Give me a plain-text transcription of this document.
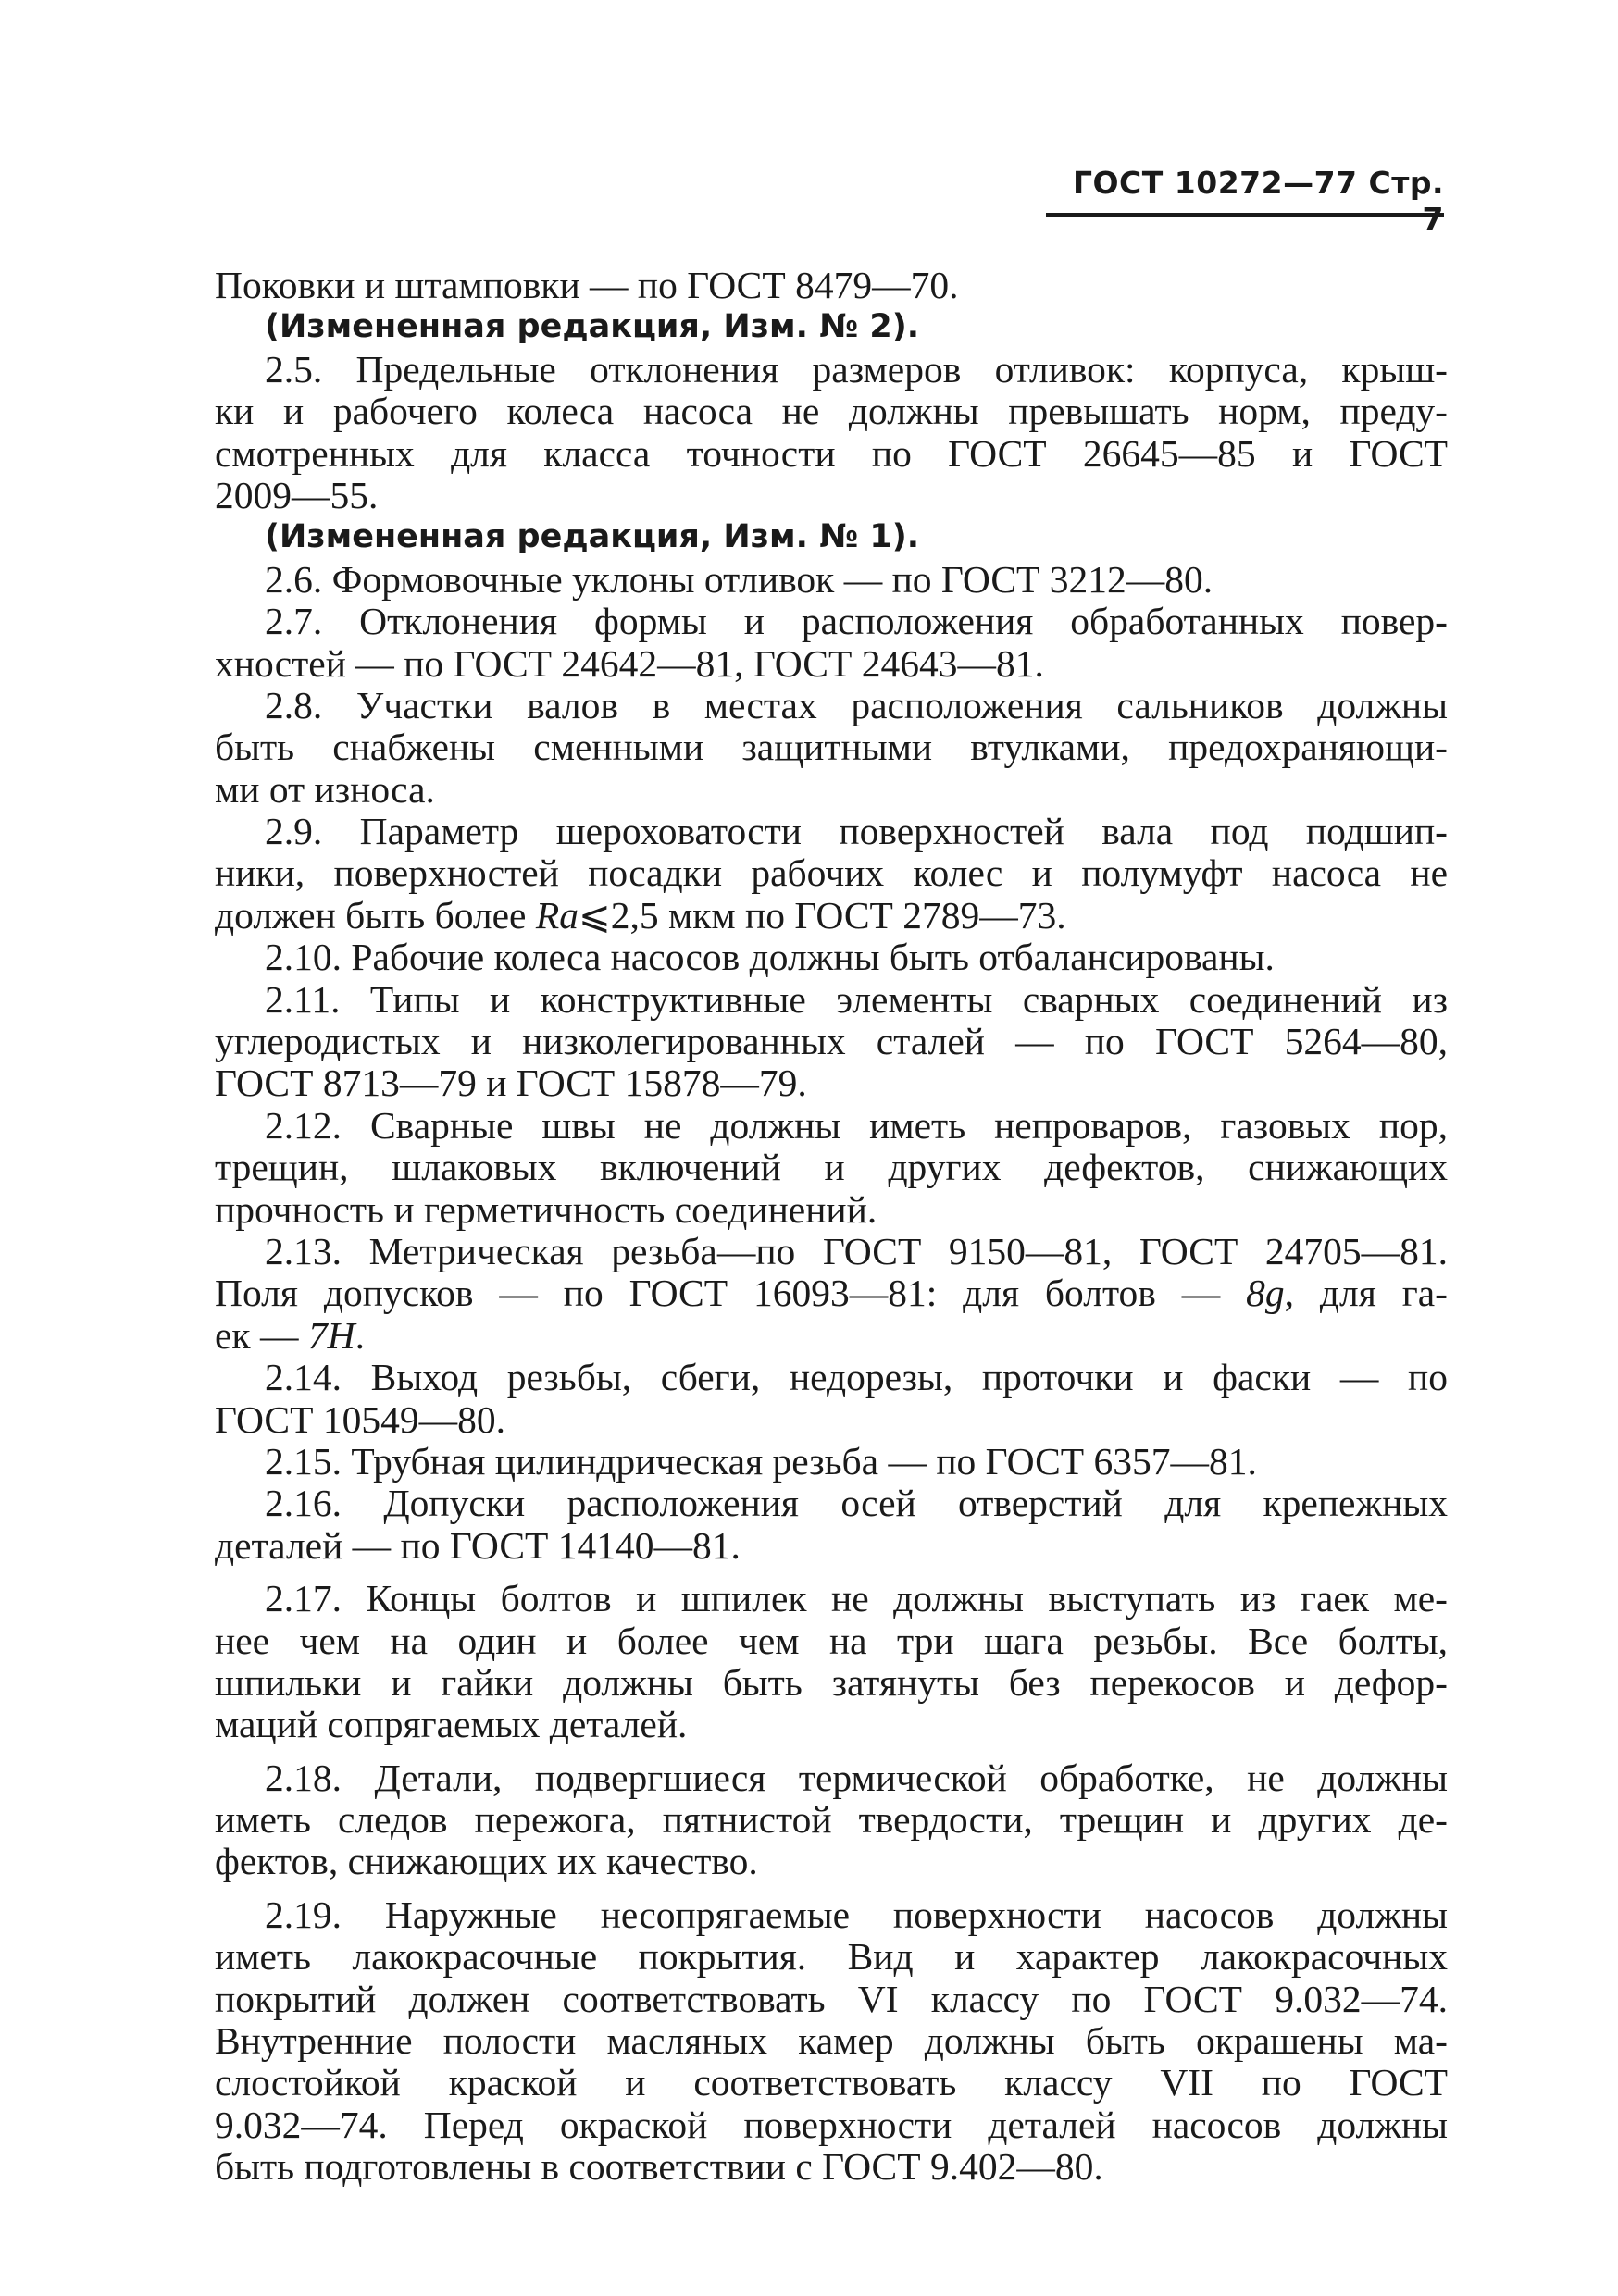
ГОСТ 10272—77 Стр. 7
Поковки и штамповки — по ГОСТ 8479—70.
(Измененная редакция, Изм. № 2).
2.5. Предельные отклонения размеров отливок: корпуса, крыш-
ки и рабочего колеса насоса не должны превышать норм, преду-
смотренных для класса точности по ГОСТ 26645—85 и ГОСТ
2009—55.
(Измененная редакция, Изм. № 1).
2.6. Формовочные уклоны отливок — по ГОСТ 3212—80.
2.7. Отклонения формы и расположения обработанных повер-
хностей — по ГОСТ 24642—81, ГОСТ 24643—81.
2.8. Участки валов в местах расположения сальников должны
быть снабжены сменными защитными втулками, предохраняющи-
ми от износа.
2.9. Параметр шероховатости поверхностей вала под подшип-
ники, поверхностей посадки рабочих колес и полумуфт насоса не
должен быть более Ra⩽2,5 мкм по ГОСТ 2789—73.
2.10. Рабочие колеса насосов должны быть отбалансированы.
2.11. Типы и конструктивные элементы сварных соединений из
углеродистых и низколегированных сталей — по ГОСТ 5264—80,
ГОСТ 8713—79 и ГОСТ 15878—79.
2.12. Сварные швы не должны иметь непроваров, газовых пор,
трещин, шлаковых включений и других дефектов, снижающих
прочность и герметичность соединений.
2.13. Метрическая резьба—по ГОСТ 9150—81, ГОСТ 24705—81.
Поля допусков — по ГОСТ 16093—81: для болтов — 8g, для га-
ек — 7H.
2.14. Выход резьбы, сбеги, недорезы, проточки и фаски — по
ГОСТ 10549—80.
2.15. Трубная цилиндрическая резьба — по ГОСТ 6357—81.
2.16. Допуски расположения осей отверстий для крепежных
деталей — по ГОСТ 14140—81.
2.17. Концы болтов и шпилек не должны выступать из гаек ме-
нее чем на один и более чем на три шага резьбы. Все болты,
шпильки и гайки должны быть затянуты без перекосов и дефор-
маций сопрягаемых деталей.
2.18. Детали, подвергшиеся термической обработке, не должны
иметь следов пережога, пятнистой твердости, трещин и других де-
фектов, снижающих их качество.
2.19. Наружные несопрягаемые поверхности насосов должны
иметь лакокрасочные покрытия. Вид и характер лакокрасочных
покрытий должен соответствовать VI классу по ГОСТ 9.032—74.
Внутренние полости масляных камер должны быть окрашены ма-
слостойкой краской и соответствовать классу VII по ГОСТ
9.032—74. Перед окраской поверхности деталей насосов должны
быть подготовлены в соответствии с ГОСТ 9.402—80.
